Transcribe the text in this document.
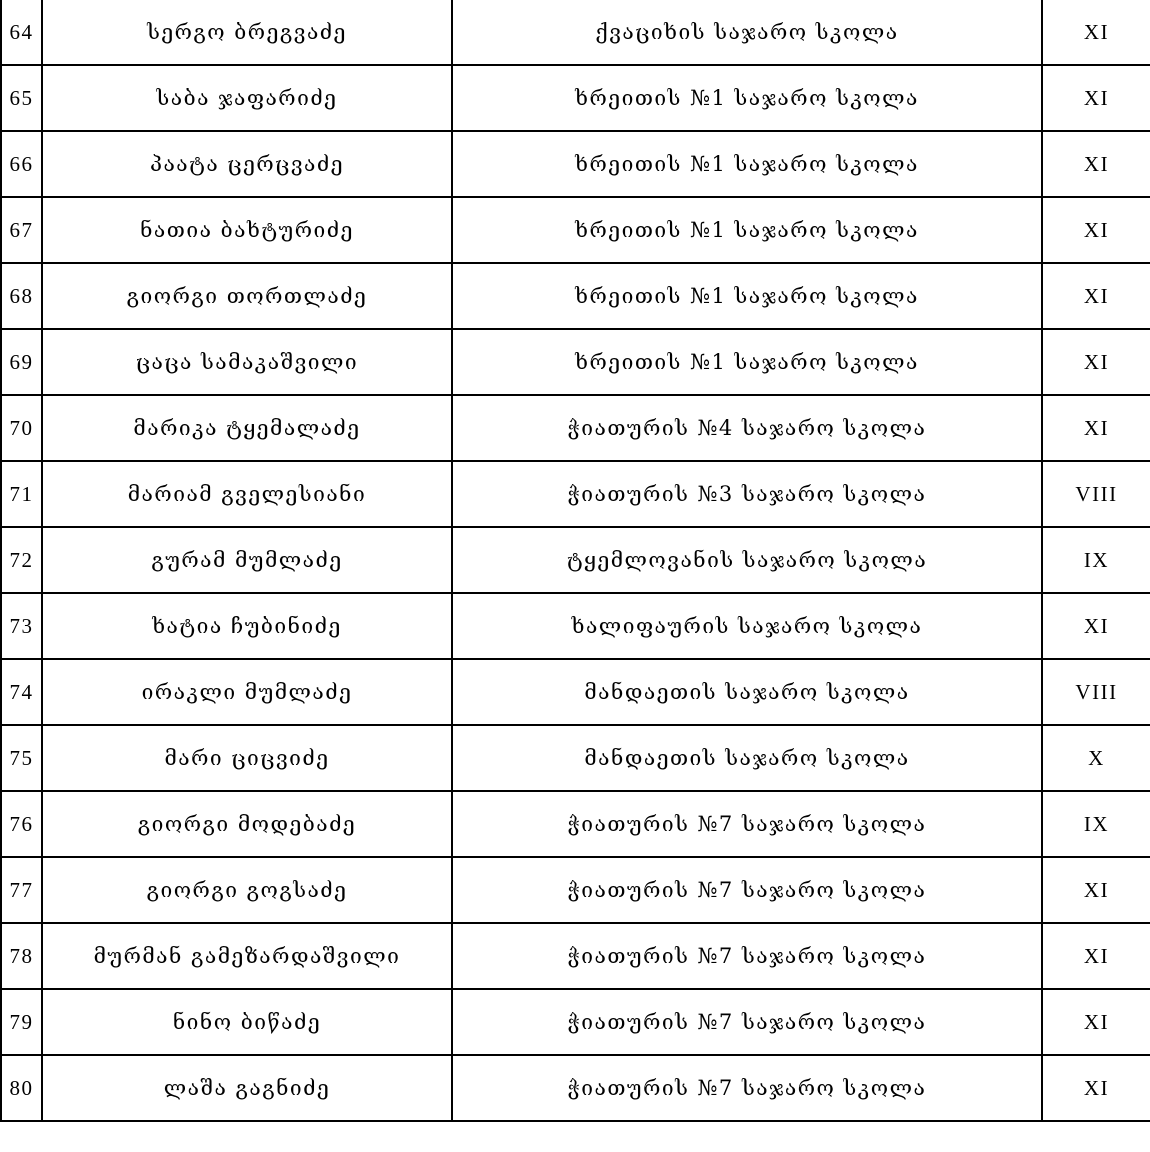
64	სერგო ბრეგვაძე	ქვაციხის საჯარო სკოლა	XI
65	საბა ჯაფარიძე	ხრეითის №1 საჯარო სკოლა	XI
66	პაატა ცერცვაძე	ხრეითის №1 საჯარო სკოლა	XI
67	ნათია ბახტურიძე	ხრეითის №1 საჯარო სკოლა	XI
68	გიორგი თორთლაძე	ხრეითის №1 საჯარო სკოლა	XI
69	ცაცა სამაკაშვილი	ხრეითის №1 საჯარო სკოლა	XI
70	მარიკა ტყემალაძე	ჭიათურის №4 საჯარო სკოლა	XI
71	მარიამ გველესიანი	ჭიათურის №3 საჯარო სკოლა	VIII
72	გურამ მუმლაძე	ტყემლოვანის საჯარო სკოლა	IX
73	ხატია ჩუბინიძე	ხალიფაურის საჯარო სკოლა	XI
74	ირაკლი მუმლაძე	მანდაეთის საჯარო სკოლა	VIII
75	მარი ციცვიძე	მანდაეთის საჯარო სკოლა	X
76	გიორგი მოდებაძე	ჭიათურის №7 საჯარო სკოლა	IX
77	გიორგი გოგსაძე	ჭიათურის №7 საჯარო სკოლა	XI
78	მურმან გამეზარდაშვილი	ჭიათურის №7 საჯარო სკოლა	XI
79	ნინო ბიწაძე	ჭიათურის №7 საჯარო სკოლა	XI
80	ლაშა გაგნიძე	ჭიათურის №7 საჯარო სკოლა	XI
